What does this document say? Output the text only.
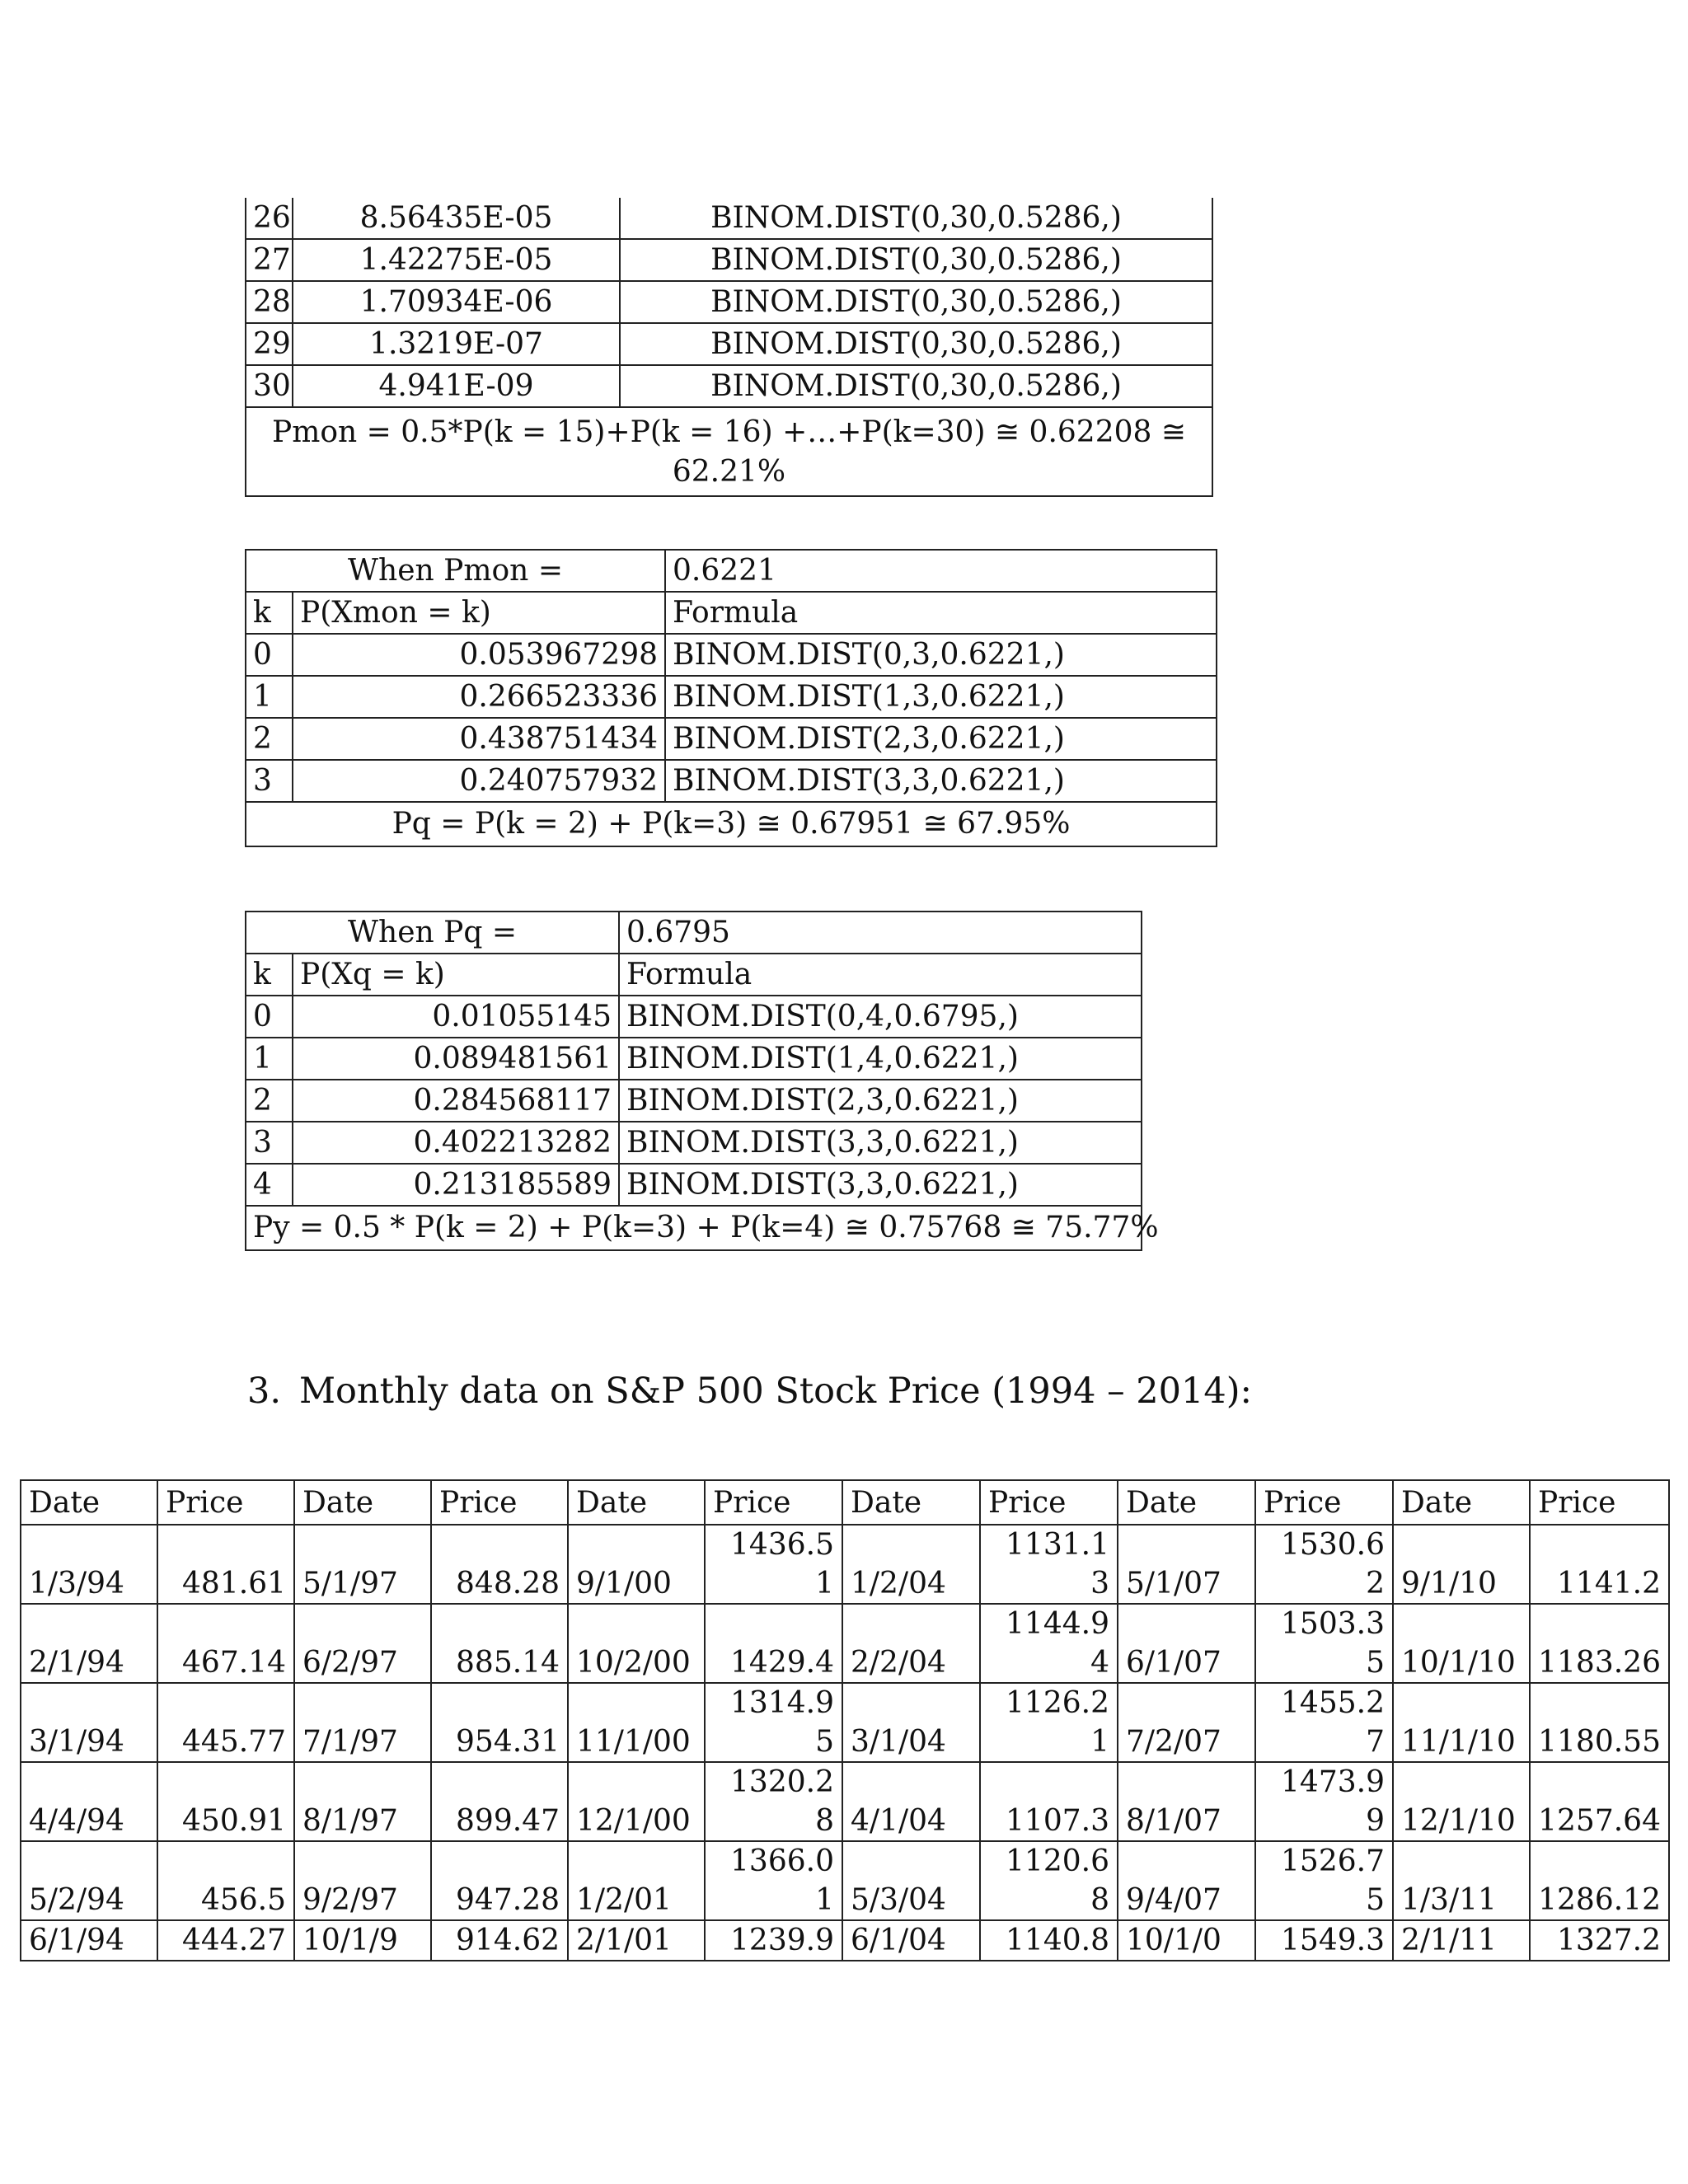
26	8.56435E-05	BINOM.DIST(0,30,0.5286,)
27	1.42275E-05	BINOM.DIST(0,30,0.5286,)
28	1.70934E-06	BINOM.DIST(0,30,0.5286,)
29	1.3219E-07	BINOM.DIST(0,30,0.5286,)
30	4.941E-09	BINOM.DIST(0,30,0.5286,)
Pmon = 0.5*P(k = 15)+P(k = 16) +…+P(k=30) ≅ 0.62208 ≅
62.21%		
When Pmon =		0.6221
k	P(Xmon = k)	Formula
0	0.053967298	BINOM.DIST(0,3,0.6221,)
1	0.266523336	BINOM.DIST(1,3,0.6221,)
2	0.438751434	BINOM.DIST(2,3,0.6221,)
3	0.240757932	BINOM.DIST(3,3,0.6221,)
Pq = P(k = 2) + P(k=3) ≅ 0.67951 ≅ 67.95%		
When Pq =		0.6795
k	P(Xq = k)	Formula
0	0.01055145	BINOM.DIST(0,4,0.6795,)
1	0.089481561	BINOM.DIST(1,4,0.6221,)
2	0.284568117	BINOM.DIST(2,3,0.6221,)
3	0.402213282	BINOM.DIST(3,3,0.6221,)
4	0.213185589	BINOM.DIST(3,3,0.6221,)
Py = 0.5 * P(k = 2) + P(k=3) + P(k=4) ≅ 0.75768 ≅ 75.77%		
3. Monthly data on S&P 500 Stock Price (1994 – 2014):
Date	Price	Date	Price	Date	Price	Date	Price	Date	Price	Date	Price
1/3/94	481.61	5/1/97	848.28	9/1/00	1436.51	1/2/04	1131.13	5/1/07	1530.62	9/1/10	1141.2
2/1/94	467.14	6/2/97	885.14	10/2/00	1429.4	2/2/04	1144.94	6/1/07	1503.35	10/1/10	1183.26
3/1/94	445.77	7/1/97	954.31	11/1/00	1314.95	3/1/04	1126.21	7/2/07	1455.27	11/1/10	1180.55
4/4/94	450.91	8/1/97	899.47	12/1/00	1320.28	4/1/04	1107.3	8/1/07	1473.99	12/1/10	1257.64
5/2/94	456.5	9/2/97	947.28	1/2/01	1366.01	5/3/04	1120.68	9/4/07	1526.75	1/3/11	1286.12
6/1/94	444.27	10/1/9	914.62	2/1/01	1239.9	6/1/04	1140.8	10/1/0	1549.3	2/1/11	1327.2
